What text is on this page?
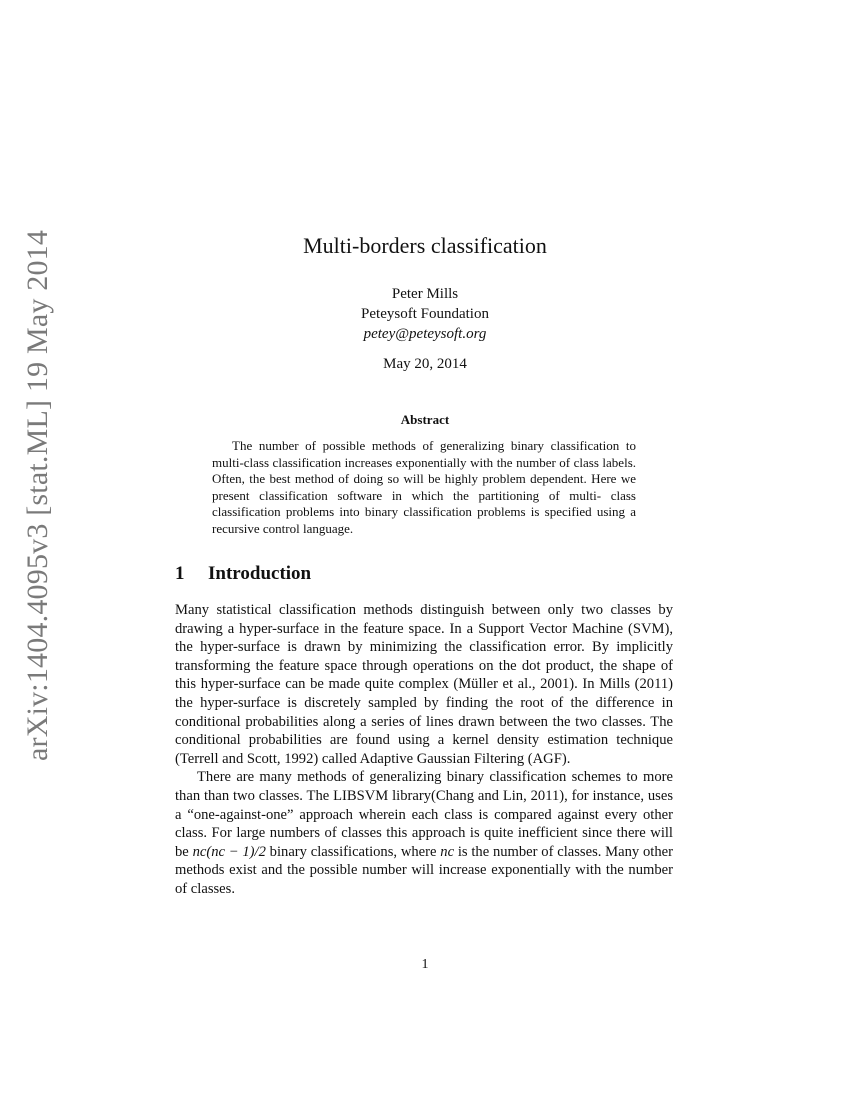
arXiv:1404.4095v3 [stat.ML] 19 May 2014	Multi-borders classification
Peter Mills
Peteysoft Foundation
petey@peteysoft.org
May 20, 2014
Abstract
The number of possible methods of generalizing binary classification to multi-class classification increases exponentially with the number of class labels. Often, the best method of doing so will be highly problem dependent. Here we present classification software in which the partitioning of multi- class classification problems into binary classification problems is specified using a recursive control language.
1 Introduction

Many statistical classification methods distinguish between only two classes by drawing a hyper-surface in the feature space. In a Support Vector Machine (SVM), the hyper-surface is drawn by minimizing the classification error. By implicitly transforming the feature space through operations on the dot product, the shape of this hyper-surface can be made quite complex (Müller et al., 2001). In Mills (2011) the hyper-surface is discretely sampled by finding the root of the difference in conditional probabilities along a series of lines drawn between the two classes. The conditional probabilities are found using a kernel density estimation technique (Terrell and Scott, 1992) called Adaptive Gaussian Filtering (AGF).

There are many methods of generalizing binary classification schemes to more than than two classes. The LIBSVM library(Chang and Lin, 2011), for instance, uses a “one-against-one” approach wherein each class is compared against every other class. For large numbers of classes this approach is quite inefficient since there will be nc(nc − 1)/2 binary classifications, where nc is the number of classes. Many other methods exist and the possible number will increase exponentially with the number of classes.

1
